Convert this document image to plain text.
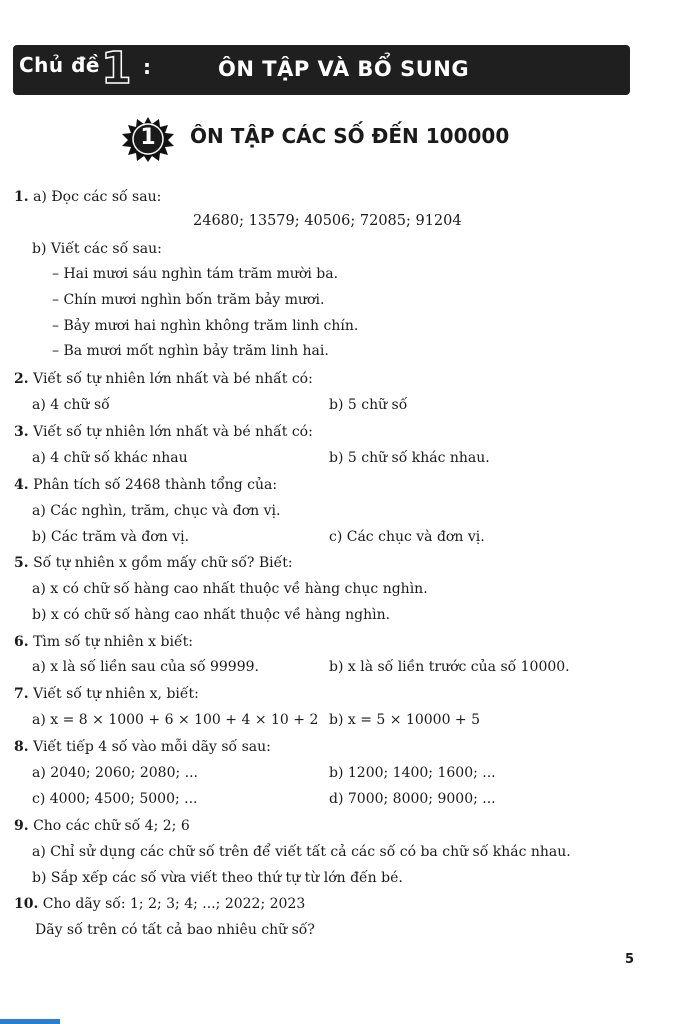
Chủ đề 1 :	ÔN TẬP VÀ BỔ SUNG
1	ÔN TẬP CÁC SỐ ĐẾN 100000
1. a) Đọc các số sau:
24680; 13579; 40506; 72085; 91204
b) Viết các số sau:
– Hai mươi sáu nghìn tám trăm mười ba.
– Chín mươi nghìn bốn trăm bảy mươi.
– Bảy mươi hai nghìn không trăm linh chín.
– Ba mươi mốt nghìn bảy trăm linh hai.
2. Viết số tự nhiên lớn nhất và bé nhất có:
a) 4 chữ số	b) 5 chữ số
3. Viết số tự nhiên lớn nhất và bé nhất có:
a) 4 chữ số khác nhau	b) 5 chữ số khác nhau.
4. Phân tích số 2468 thành tổng của:
a) Các nghìn, trăm, chục và đơn vị.
b) Các trăm và đơn vị.	c) Các chục và đơn vị.
5. Số tự nhiên x gồm mấy chữ số? Biết:
a) x có chữ số hàng cao nhất thuộc về hàng chục nghìn.
b) x có chữ số hàng cao nhất thuộc về hàng nghìn.
6. Tìm số tự nhiên x biết:
a) x là số liền sau của số 99999.	b) x là số liền trước của số 10000.
7. Viết số tự nhiên x, biết:
a) x = 8 × 1000 + 6 × 100 + 4 × 10 + 2 b) x = 5 × 10000 + 5
8. Viết tiếp 4 số vào mỗi dãy số sau:
a) 2040; 2060; 2080; ...	b) 1200; 1400; 1600; ...
c) 4000; 4500; 5000; ...	d) 7000; 8000; 9000; ...
9. Cho các chữ số 4; 2; 6
a) Chỉ sử dụng các chữ số trên để viết tất cả các số có ba chữ số khác nhau.
b) Sắp xếp các số vừa viết theo thứ tự từ lớn đến bé.
10. Cho dãy số: 1; 2; 3; 4; ...; 2022; 2023
Dãy số trên có tất cả bao nhiêu chữ số?
5
